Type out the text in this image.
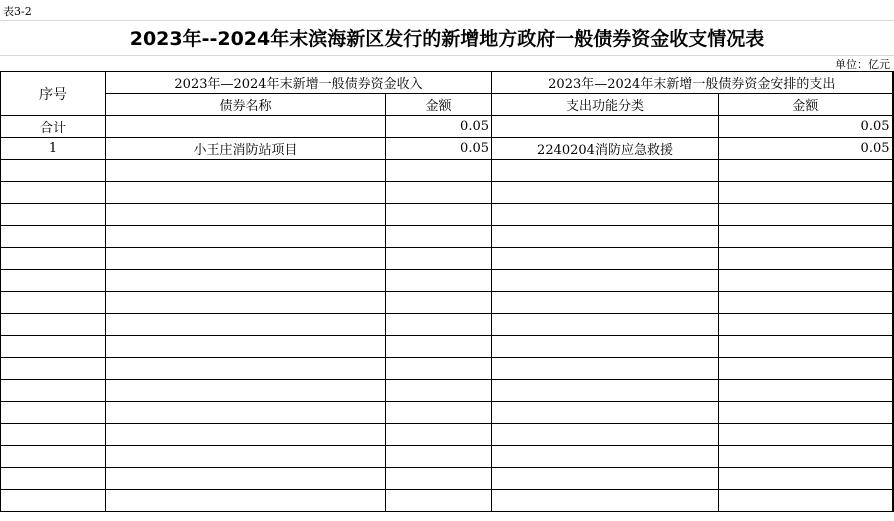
表3-2
2023年--2024年末滨海新区发行的新增地方政府一般债券资金收支情况表
单位：亿元
序号	2023年—2024年末新增一般债券资金收入		2023年—2024年末新增一般债券资金安排的支出	
	债券名称	金额	支出功能分类	金额
合计		0.05		0.05
1	小王庄消防站项目	0.05	2240204消防应急救援	0.05
